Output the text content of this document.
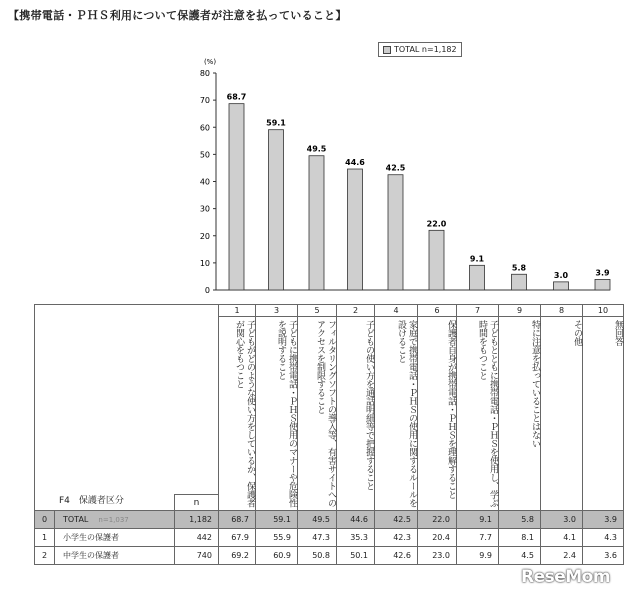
【携帯電話・ＰＨＳ利用について保護者が注意を払っていること】
(%)
0
10
20
30
40
50
60
70
80
68.7
59.1
49.5
44.6
42.5
22.0
9.1
5.8
3.0	3.9
TOTAL n=1,182
F4　保護者区分 n			1	3	5	2	4	6	7	9	8	10
			子どもがどのような使い方をしているか、保護者が関心をもつこと	子どもに携帯電話・ＰＨＳ使用のマナーや危険性を説明すること	フィルタリングソフトの導入等、有害サイトへのアクセスを制限すること	子どもの使い方を通話明細等で把握すること	家庭で携帯電話・ＰＨＳの使用に関するルールを設けること	保護者自身が携帯電話・ＰＨＳを理解すること	子どもとともに携帯電話・ＰＨＳを使用し、学ぶ時間をもつこと	特に注意を払っていることはない	その他	無回答
0	TOTAL n=1,037	1,182	68.7	59.1	49.5	44.6	42.5	22.0	9.1	5.8	3.0	3.9
1	小学生の保護者	442	67.9	55.9	47.3	35.3	42.3	20.4	7.7	8.1	4.1	4.3
2	中学生の保護者	740	69.2	60.9	50.8	50.1	42.6	23.0	9.9	4.5	2.4	3.6
ReseMom
